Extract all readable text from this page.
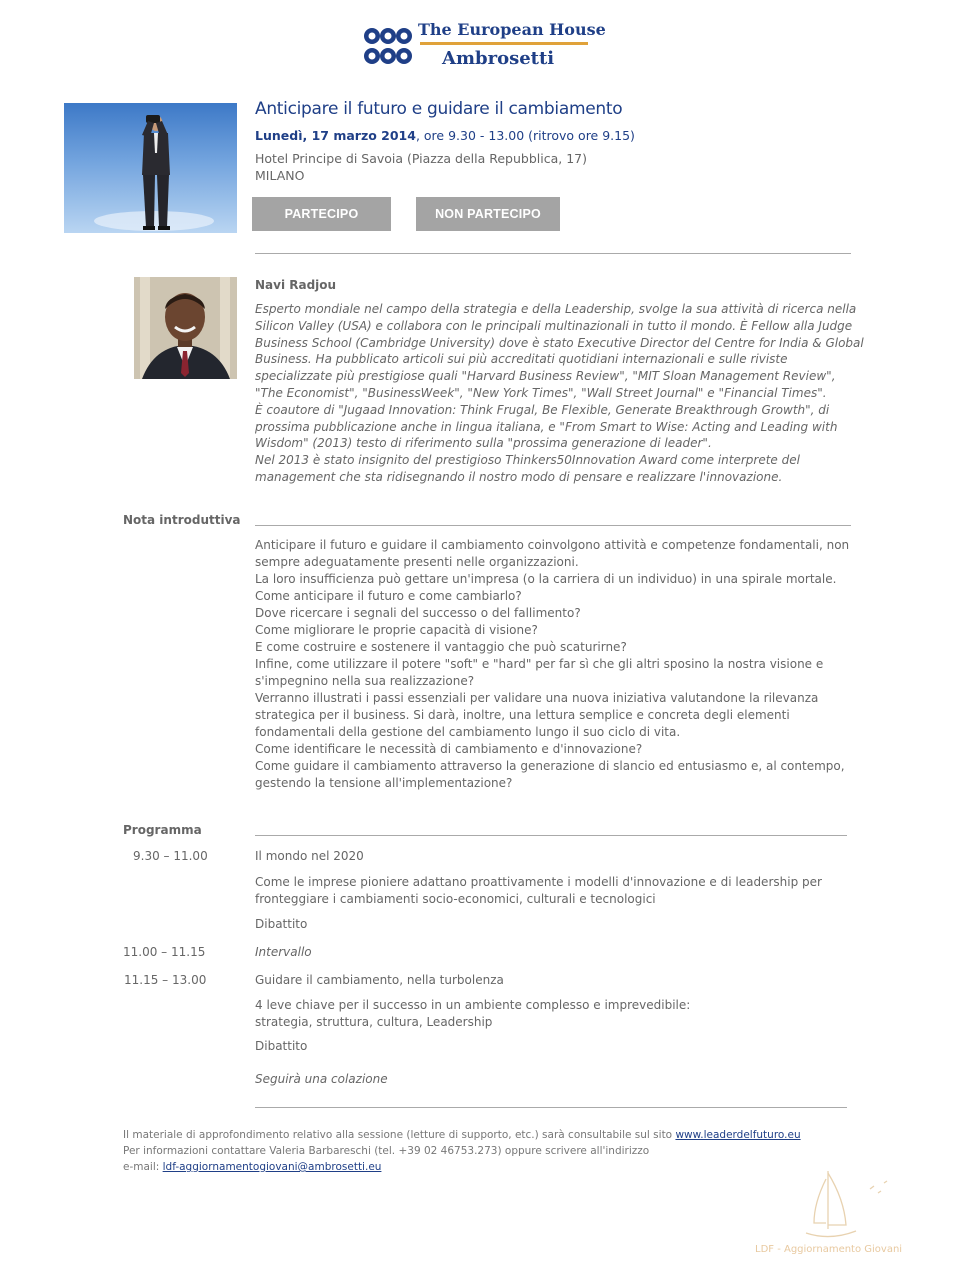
The European House
Ambrosetti
Anticipare il futuro e guidare il cambiamento
Lunedì, 17 marzo 2014, ore 9.30 - 13.00 (ritrovo ore 9.15)
Hotel Principe di Savoia (Piazza della Repubblica, 17)
MILANO
PARTECIPO	NON PARTECIPO
Navi Radjou
Esperto mondiale nel campo della strategia e della Leadership, svolge la sua attività di ricerca nella Silicon Valley (USA) e collabora con le principali multinazionali in tutto il mondo. È Fellow alla Judge Business School (Cambridge University) dove è stato Executive Director del Centre for India & Global Business. Ha pubblicato articoli sui più accreditati quotidiani internazionali e sulle riviste specializzate più prestigiose quali "Harvard Business Review", "MIT Sloan Management Review", "The Economist", "BusinessWeek", "New York Times", "Wall Street Journal" e "Financial Times".
È coautore di "Jugaad Innovation: Think Frugal, Be Flexible, Generate Breakthrough Growth", di prossima pubblicazione anche in lingua italiana, e "From Smart to Wise: Acting and Leading with Wisdom" (2013) testo di riferimento sulla "prossima generazione di leader".
Nel 2013 è stato insignito del prestigioso Thinkers50Innovation Award come interprete del management che sta ridisegnando il nostro modo di pensare e realizzare l'innovazione.
Nota introduttiva

Anticipare il futuro e guidare il cambiamento coinvolgono attività e competenze fondamentali, non sempre adeguatamente presenti nelle organizzazioni.

La loro insufficienza può gettare un'impresa (o la carriera di un individuo) in una spirale mortale.

Come anticipare il futuro e come cambiarlo?

Dove ricercare i segnali del successo o del fallimento?

Come migliorare le proprie capacità di visione?

E come costruire e sostenere il vantaggio che può scaturirne?

Infine, come utilizzare il potere "soft" e "hard" per far sì che gli altri sposino la nostra visione e s'impegnino nella sua realizzazione?

Verranno illustrati i passi essenziali per validare una nuova iniziativa valutandone la rilevanza strategica per il business. Si darà, inoltre, una lettura semplice e concreta degli elementi fondamentali della gestione del cambiamento lungo il suo ciclo di vita.

Come identificare le necessità di cambiamento e d'innovazione?

Come guidare il cambiamento attraverso la generazione di slancio ed entusiasmo e, al contempo, gestendo la tensione all'implementazione?

Programma
9.30 – 11.00	Il mondo nel 2020
Come le imprese pioniere adattano proattivamente i modelli d'innovazione e di leadership per fronteggiare i cambiamenti socio-economici, culturali e tecnologici
Dibattito
11.00 – 11.15	Intervallo
11.15 – 13.00	Guidare il cambiamento, nella turbolenza
4 leve chiave per il successo in un ambiente complesso e imprevedibile:
strategia, struttura, cultura, Leadership
Dibattito
Seguirà una colazione
Il materiale di approfondimento relativo alla sessione (letture di supporto, etc.) sarà consultabile sul sito www.leaderdelfuturo.eu
Per informazioni contattare Valeria Barbareschi (tel. +39 02 46753.273) oppure scrivere all'indirizzo
e-mail: ldf-aggiornamentogiovani@ambrosetti.eu
LDF - Aggiornamento Giovani
